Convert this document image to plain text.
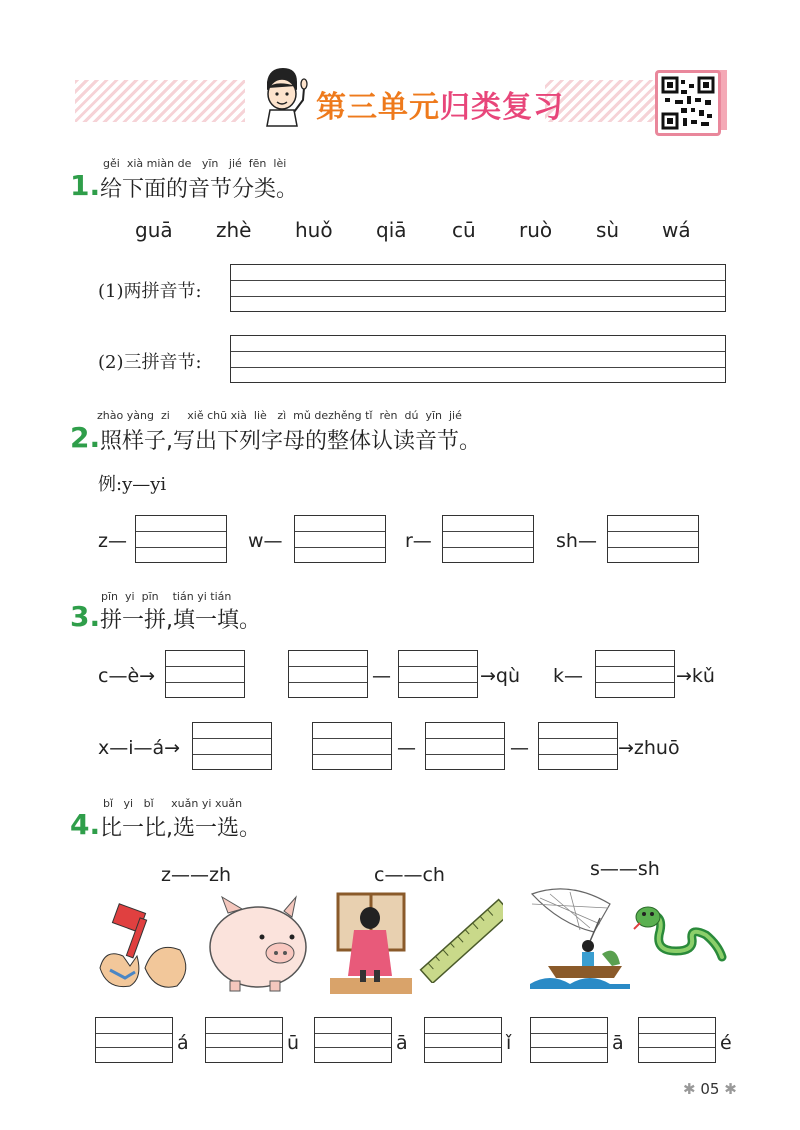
第三单元归类复习
gěi xià miàn de yīn jié fēn lèi
1. 给下面的音节分类。
guā zhè huǒ qiā cū ruò sù wá
(1)两拼音节:
(2)三拼音节:
zhào yàng zi xiě chū xià liè zì mǔ dezhěng tǐ rèn dú yīn jié
2. 照样子,写出下列字母的整体认读音节。
例:y—yi
z—	w—	r—	sh—
pīn yi pīn tián yi tián
3. 拼一拼,填一填。
c—è→	—	→qù k—	→kǔ
x—i—á→	—	—	→zhuō
bǐ yi bǐ xuǎn yi xuǎn
4. 比一比,选一选。
z——zh	c——ch	s——sh
á	ū	ā	ǐ	ā	é
✱ 05 ✱
